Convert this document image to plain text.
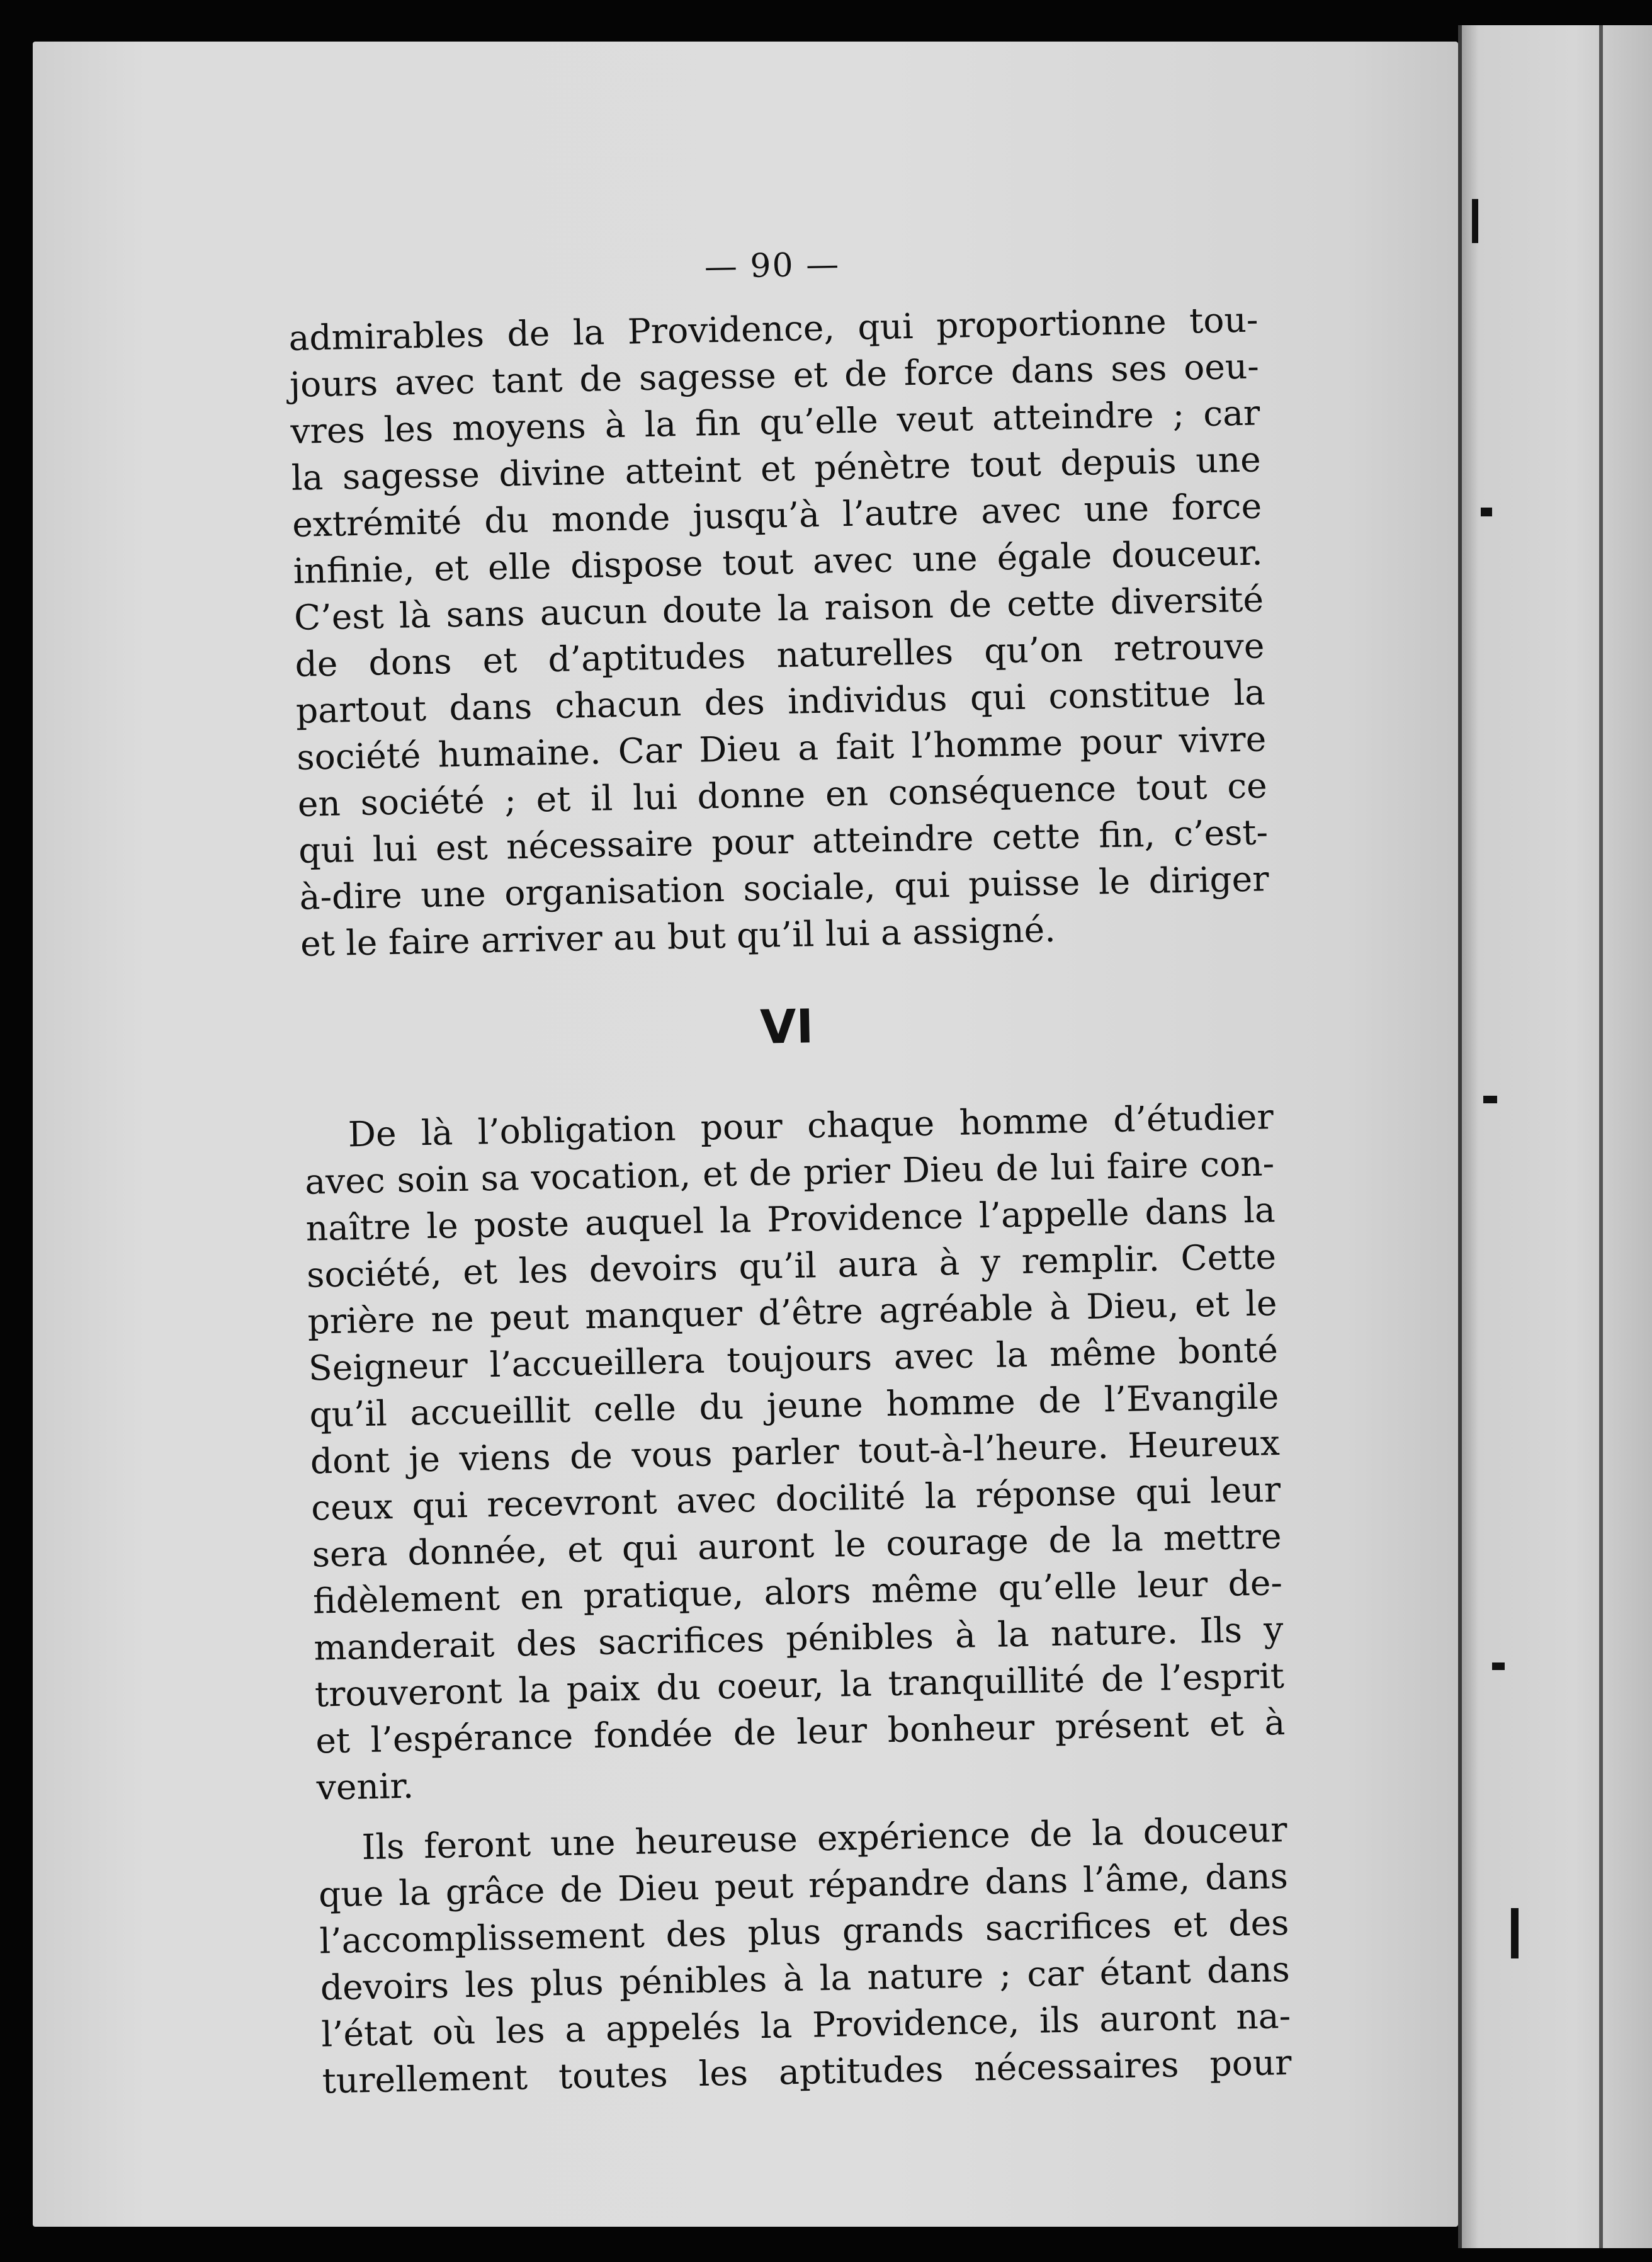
— 90 —

admirables de la Providence, qui proportionne tou-
jours avec tant de sagesse et de force dans ses oeu-
vres les moyens à la fin qu’elle veut atteindre ; car
la sagesse divine atteint et pénètre tout depuis une
extrémité du monde jusqu’à l’autre avec une force
infinie, et elle dispose tout avec une égale douceur.
C’est là sans aucun doute la raison de cette diversité
de dons et d’aptitudes naturelles qu’on retrouve
partout dans chacun des individus qui constitue la
société humaine. Car Dieu a fait l’homme pour vivre
en société ; et il lui donne en conséquence tout ce
qui lui est nécessaire pour atteindre cette fin, c’est-
à-dire une organisation sociale, qui puisse le diriger
et le faire arriver au but qu’il lui a assigné.

VI

De là l’obligation pour chaque homme d’étudier
avec soin sa vocation, et de prier Dieu de lui faire con-
naître le poste auquel la Providence l’appelle dans la
société, et les devoirs qu’il aura à y remplir. Cette
prière ne peut manquer d’être agréable à Dieu, et le
Seigneur l’accueillera toujours avec la même bonté
qu’il accueillit celle du jeune homme de l’Evangile
dont je viens de vous parler tout-à-l’heure. Heureux
ceux qui recevront avec docilité la réponse qui leur
sera donnée, et qui auront le courage de la mettre
fidèlement en pratique, alors même qu’elle leur de-
manderait des sacrifices pénibles à la nature. Ils y
trouveront la paix du coeur, la tranquillité de l’esprit
et l’espérance fondée de leur bonheur présent et à
venir.

Ils feront une heureuse expérience de la douceur
que la grâce de Dieu peut répandre dans l’âme, dans
l’accomplissement des plus grands sacrifices et des
devoirs les plus pénibles à la nature ; car étant dans
l’état où les a appelés la Providence, ils auront na-
turellement toutes les aptitudes nécessaires pour
